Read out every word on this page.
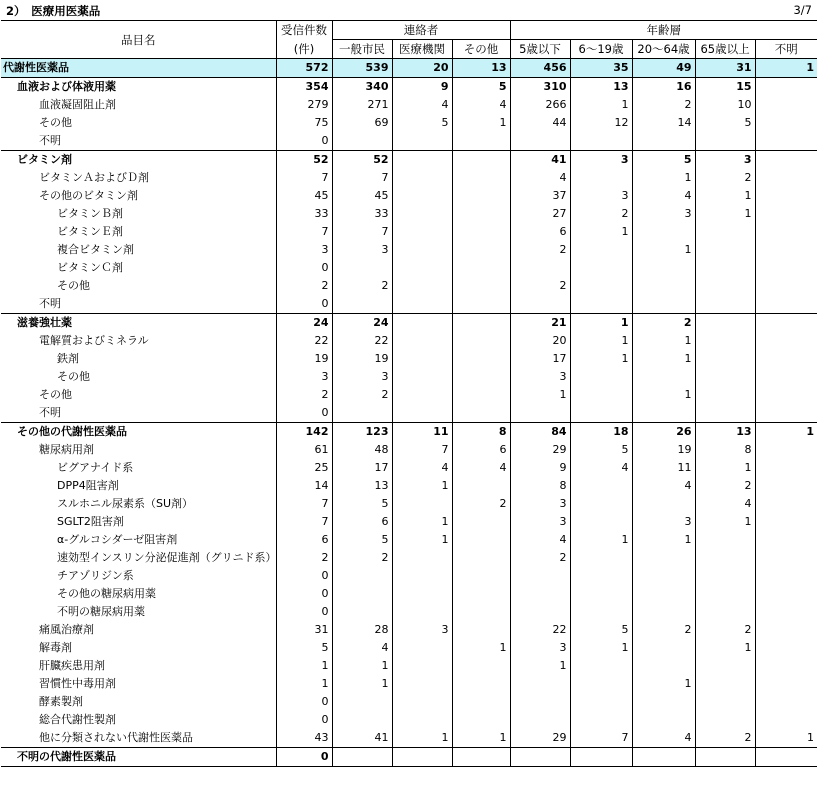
2）　医療用医薬品	3/7
品目名	受信件数	連絡者			年齢層				
	(件)	一般市民	医療機関	その他	5歳以下	6～19歳	20～64歳	65歳以上	不明
代謝性医薬品	572	539	20	13	456	35	49	31	1
血液および体液用薬	354	340	9	5	310	13	16	15	
血液凝固阻止剤	279	271	4	4	266	1	2	10	
その他	75	69	5	1	44	12	14	5	
不明	0								
ビタミン剤	52	52			41	3	5	3	
ビタミンＡおよびＤ剤	7	7			4		1	2	
その他のビタミン剤	45	45			37	3	4	1	
ビタミンＢ剤	33	33			27	2	3	1	
ビタミンＥ剤	7	7			6	1			
複合ビタミン剤	3	3			2		1		
ビタミンＣ剤	0								
その他	2	2			2				
不明	0								
滋養強壮薬	24	24			21	1	2		
電解質およびミネラル	22	22			20	1	1		
鉄剤	19	19			17	1	1		
その他	3	3			3				
その他	2	2			1		1		
不明	0								
その他の代謝性医薬品	142	123	11	8	84	18	26	13	1
糖尿病用剤	61	48	7	6	29	5	19	8	
ビグアナイド系	25	17	4	4	9	4	11	1	
DPP4阻害剤	14	13	1		8		4	2	
スルホニル尿素系（SU剤）	7	5		2	3			4	
SGLT2阻害剤	7	6	1		3		3	1	
α-グルコシダーゼ阻害剤	6	5	1		4	1	1		
速効型インスリン分泌促進剤（グリニド系）	2	2			2				
チアゾリジン系	0								
その他の糖尿病用薬	0								
不明の糖尿病用薬	0								
痛風治療剤	31	28	3		22	5	2	2	
解毒剤	5	4		1	3	1		1	
肝臓疾患用剤	1	1			1				
習慣性中毒用剤	1	1					1		
酵素製剤	0								
総合代謝性製剤	0								
他に分類されない代謝性医薬品	43	41	1	1	29	7	4	2	1
不明の代謝性医薬品	0								
